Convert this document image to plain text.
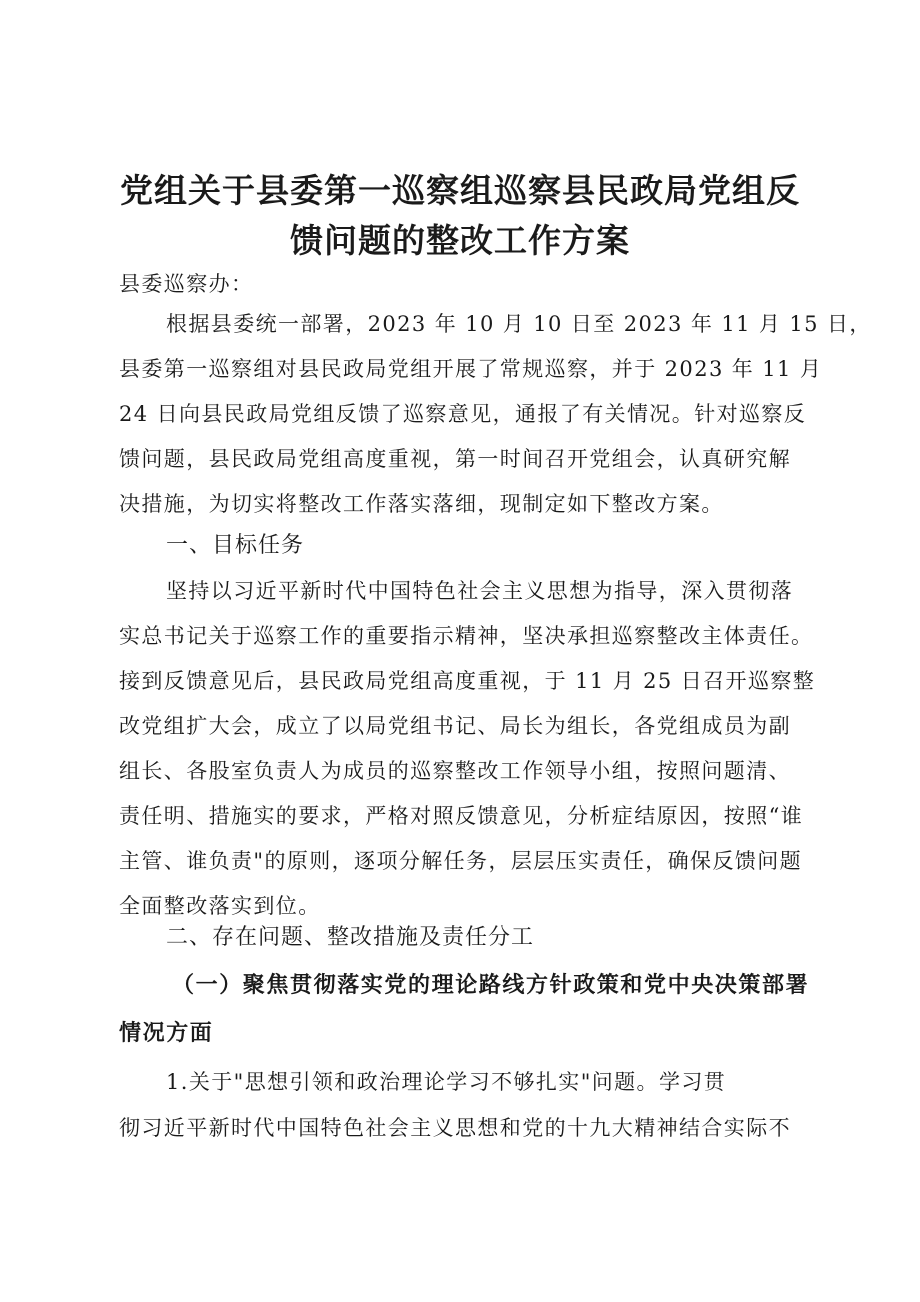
党组关于县委第一巡察组巡察县民政局党组反
馈问题的整改工作方案
县委巡察办：
根据县委统一部署，2023 年 10 月 10 日至 2023 年 11 月 15 日，
县委第一巡察组对县民政局党组开展了常规巡察，并于 2023 年 11 月
24 日向县民政局党组反馈了巡察意见，通报了有关情况。针对巡察反
馈问题，县民政局党组高度重视，第一时间召开党组会，认真研究解
决措施，为切实将整改工作落实落细，现制定如下整改方案。
一、目标任务
坚持以习近平新时代中国特色社会主义思想为指导，深入贯彻落
实总书记关于巡察工作的重要指示精神，坚决承担巡察整改主体责任。
接到反馈意见后，县民政局党组高度重视，于 11 月 25 日召开巡察整
改党组扩大会，成立了以局党组书记、局长为组长，各党组成员为副
组长、各股室负责人为成员的巡察整改工作领导小组，按照问题清、
责任明、措施实的要求，严格对照反馈意见，分析症结原因，按照“谁
主管、谁负责"的原则，逐项分解任务，层层压实责任，确保反馈问题
全面整改落实到位。
二、存在问题、整改措施及责任分工
（一）聚焦贯彻落实党的理论路线方针政策和党中央决策部署
情况方面
1.关于"思想引领和政治理论学习不够扎实"问题。学习贯
彻习近平新时代中国特色社会主义思想和党的十九大精神结合实际不
